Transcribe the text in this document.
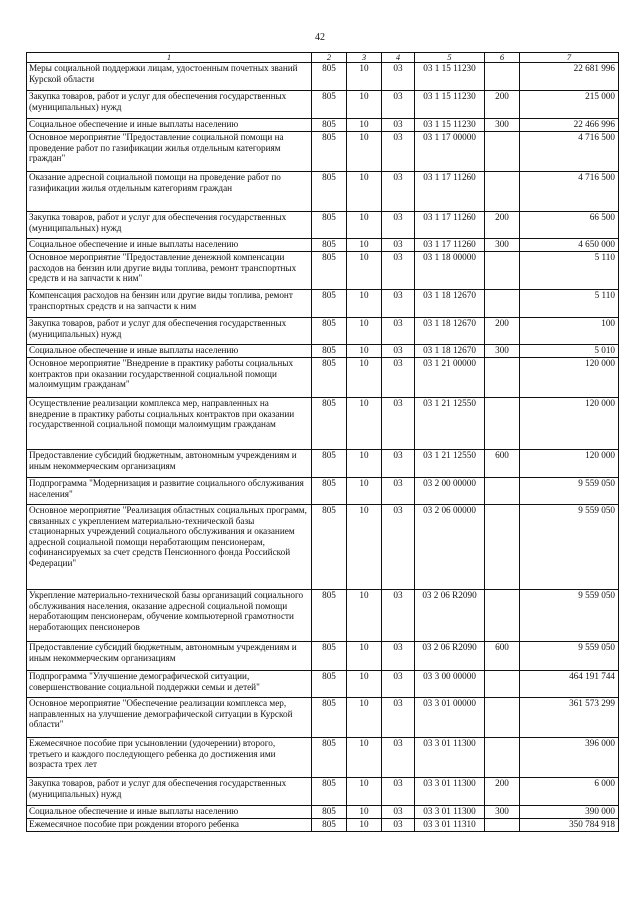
42
1	2	3	4	5	6	7
Меры социальной поддержки лицам, удостоенным почетных званий Курской области	805	10	03	03 1 15 11230		22 681 996
Закупка товаров, работ и услуг для обеспечения государственных (муниципальных) нужд	805	10	03	03 1 15 11230	200	215 000
Социальное обеспечение и иные выплаты населению	805	10	03	03 1 15 11230	300	22 466 996
Основное мероприятие "Предоставление социальной помощи на проведение работ по газификации жилья отдельным категориям граждан"	805	10	03	03 1 17 00000		4 716 500
Оказание адресной социальной помощи на проведение работ по газификации жилья отдельным категориям граждан	805	10	03	03 1 17 11260		4 716 500
Закупка товаров, работ и услуг для обеспечения государственных (муниципальных) нужд	805	10	03	03 1 17 11260	200	66 500
Социальное обеспечение и иные выплаты населению	805	10	03	03 1 17 11260	300	4 650 000
Основное мероприятие "Предоставление денежной компенсации расходов на бензин или другие виды топлива, ремонт транспортных средств и на запчасти к ним"	805	10	03	03 1 18 00000		5 110
Компенсация расходов на бензин или другие виды топлива, ремонт транспортных средств и на запчасти к ним	805	10	03	03 1 18 12670		5 110
Закупка товаров, работ и услуг для обеспечения государственных (муниципальных) нужд	805	10	03	03 1 18 12670	200	100
Социальное обеспечение и иные выплаты населению	805	10	03	03 1 18 12670	300	5 010
Основное мероприятие "Внедрение в практику работы социальных контрактов при оказании государственной социальной помощи малоимущим гражданам"	805	10	03	03 1 21 00000		120 000
Осуществление реализации комплекса мер, направленных на внедрение в практику работы социальных контрактов при оказании государственной социальной помощи малоимущим гражданам	805	10	03	03 1 21 12550		120 000
Предоставление субсидий бюджетным, автономным учреждениям и иным некоммерческим организациям	805	10	03	03 1 21 12550	600	120 000
Подпрограмма "Модернизация и развитие социального обслуживания населения"	805	10	03	03 2 00 00000		9 559 050
Основное мероприятие "Реализация областных социальных программ, связанных с укреплением материально-технической базы стационарных учреждений социального обслуживания и оказанием адресной социальной помощи неработающим пенсионерам, софинансируемых за счет средств Пенсионного фонда Российской Федерации"	805	10	03	03 2 06 00000		9 559 050
Укрепление материально-технической базы организаций социального обслуживания населения, оказание адресной социальной помощи неработающим пенсионерам, обучение компьютерной грамотности неработающих пенсионеров	805	10	03	03 2 06 R2090		9 559 050
Предоставление субсидий бюджетным, автономным учреждениям и иным некоммерческим организациям	805	10	03	03 2 06 R2090	600	9 559 050
Подпрограмма "Улучшение демографической ситуации, совершенствование социальной поддержки семьи и детей"	805	10	03	03 3 00 00000		464 191 744
Основное мероприятие "Обеспечение реализации комплекса мер, направленных на улучшение демографической ситуации в Курской области"	805	10	03	03 3 01 00000		361 573 299
Ежемесячное пособие при усыновлении (удочерении) второго, третьего и каждого последующего ребенка до достижения ими возраста трех лет	805	10	03	03 3 01 11300		396 000
Закупка товаров, работ и услуг для обеспечения государственных (муниципальных) нужд	805	10	03	03 3 01 11300	200	6 000
Социальное обеспечение и иные выплаты населению	805	10	03	03 3 01 11300	300	390 000
Ежемесячное пособие при рождении второго ребенка	805	10	03	03 3 01 11310		350 784 918
